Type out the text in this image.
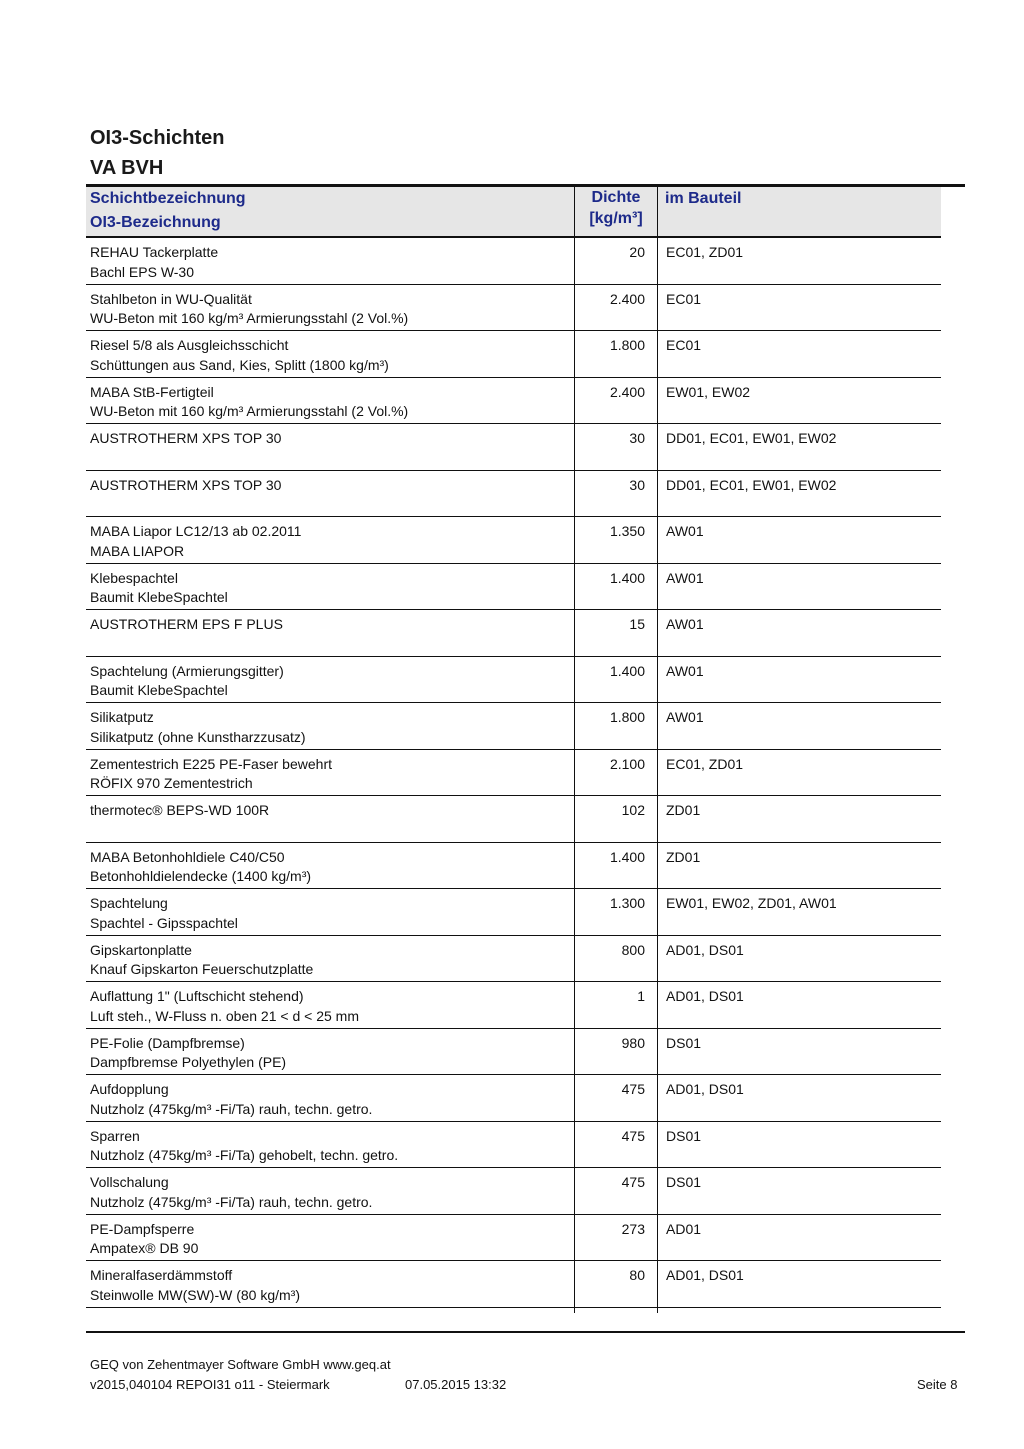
OI3-Schichten
VA BVH
Schichtbezeichnung
OI3-Bezeichnung
Dichte
[kg/m³]
im Bauteil
REHAU Tackerplatte
Bachl EPS W-30
20 EC01, ZD01
Stahlbeton in WU-Qualität
WU-Beton mit 160 kg/m³ Armierungsstahl (2 Vol.%)
2.400 EC01
Riesel 5/8 als Ausgleichsschicht
Schüttungen aus Sand, Kies, Splitt (1800 kg/m³)
1.800 EC01
MABA StB-Fertigteil
WU-Beton mit 160 kg/m³ Armierungsstahl (2 Vol.%)
2.400 EW01, EW02
AUSTROTHERM XPS TOP 30	30 DD01, EC01, EW01, EW02
AUSTROTHERM XPS TOP 30	30 DD01, EC01, EW01, EW02
MABA Liapor LC12/13 ab 02.2011
MABA LIAPOR
1.350 AW01
Klebespachtel
Baumit KlebeSpachtel
1.400 AW01
AUSTROTHERM EPS F PLUS	15 AW01
Spachtelung (Armierungsgitter)
Baumit KlebeSpachtel
1.400 AW01
Silikatputz
Silikatputz (ohne Kunstharzzusatz)
1.800 AW01
Zementestrich E225 PE-Faser bewehrt
RÖFIX 970 Zementestrich
2.100 EC01, ZD01
thermotec® BEPS-WD 100R	102 ZD01
MABA Betonhohldiele C40/C50
Betonhohldielendecke (1400 kg/m³)
1.400 ZD01
Spachtelung
Spachtel - Gipsspachtel
1.300 EW01, EW02, ZD01, AW01
Gipskartonplatte
Knauf Gipskarton Feuerschutzplatte
800 AD01, DS01
Auflattung 1" (Luftschicht stehend)
Luft steh., W-Fluss n. oben 21 < d < 25 mm
1 AD01, DS01
PE-Folie (Dampfbremse)
Dampfbremse Polyethylen (PE)
980 DS01
Aufdopplung
Nutzholz (475kg/m³ -Fi/Ta) rauh, techn. getro.
475 AD01, DS01
Sparren
Nutzholz (475kg/m³ -Fi/Ta) gehobelt, techn. getro.
475 DS01
Vollschalung
Nutzholz (475kg/m³ -Fi/Ta) rauh, techn. getro.
475 DS01
PE-Dampfsperre
Ampatex® DB 90
273 AD01
Mineralfaserdämmstoff
Steinwolle MW(SW)-W (80 kg/m³)
80 AD01, DS01
GEQ von Zehentmayer Software GmbH www.geq.at
v2015,040104 REPOI31 o11 - Steiermark	07.05.2015 13:32	Seite 8
